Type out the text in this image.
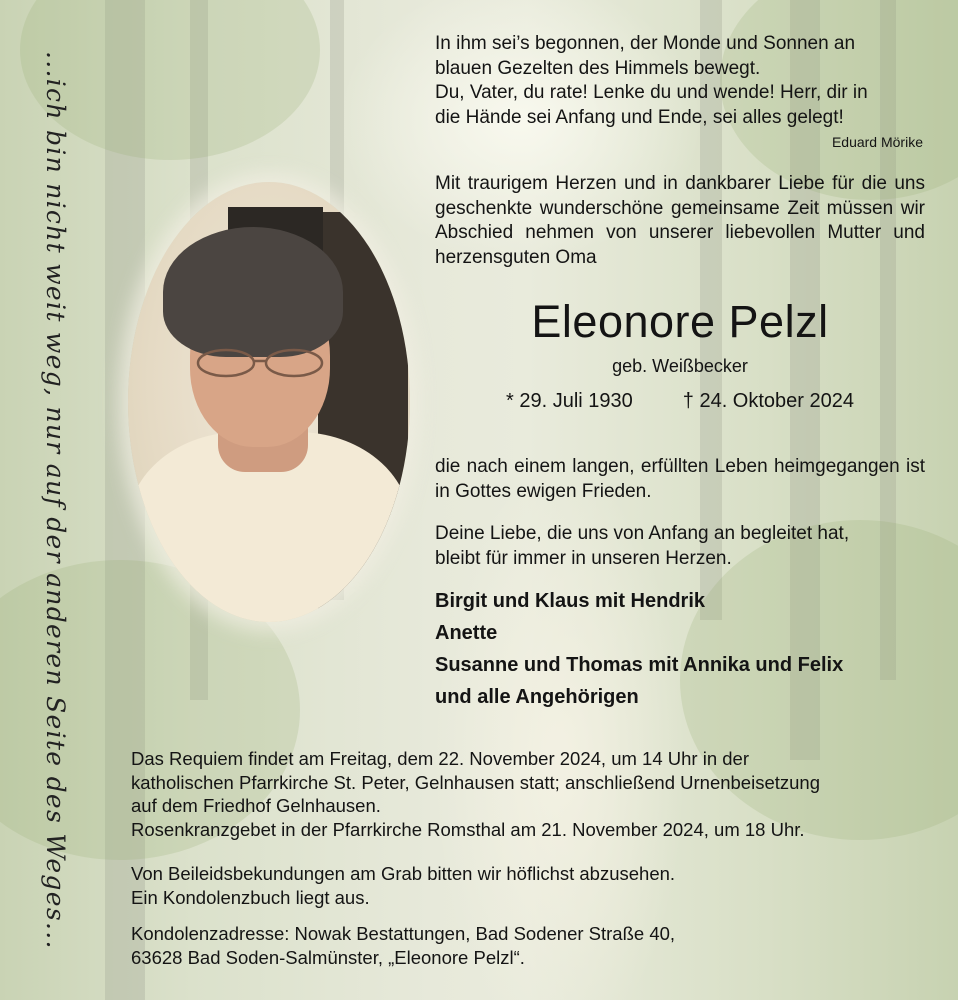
...ich bin nicht weit weg, nur auf der anderen Seite des Weges...
In ihm sei’s begonnen, der Monde und Sonnen an
blauen Gezelten des Himmels bewegt.
Du, Vater, du rate! Lenke du und wende! Herr, dir in
die Hände sei Anfang und Ende, sei alles gelegt!
Eduard Mörike
Mit traurigem Herzen und in dankbarer Liebe für die uns geschenkte wunderschöne gemeinsame Zeit müssen wir Abschied nehmen von unserer liebevollen Mutter und herzensguten Oma
Eleonore Pelzl
geb. Weißbecker
* 29. Juli 1930	† 24. Oktober 2024
die nach einem langen, erfüllten Leben heimgegangen ist in Gottes ewigen Frieden.
Deine Liebe, die uns von Anfang an begleitet hat,
bleibt für immer in unseren Herzen.
Birgit und Klaus mit Hendrik
Anette
Susanne und Thomas mit Annika und Felix
und alle Angehörigen
Das Requiem findet am Freitag, dem 22. November 2024, um 14 Uhr in der
katholischen Pfarrkirche St. Peter, Gelnhausen statt; anschließend Urnenbeisetzung
auf dem Friedhof Gelnhausen.
Rosenkranzgebet in der Pfarrkirche Romsthal am 21. November 2024, um 18 Uhr.
Von Beileidsbekundungen am Grab bitten wir höflichst abzusehen.
Ein Kondolenzbuch liegt aus.
Kondolenzadresse: Nowak Bestattungen, Bad Sodener Straße 40,
63628 Bad Soden-Salmünster, „Eleonore Pelzl“.
